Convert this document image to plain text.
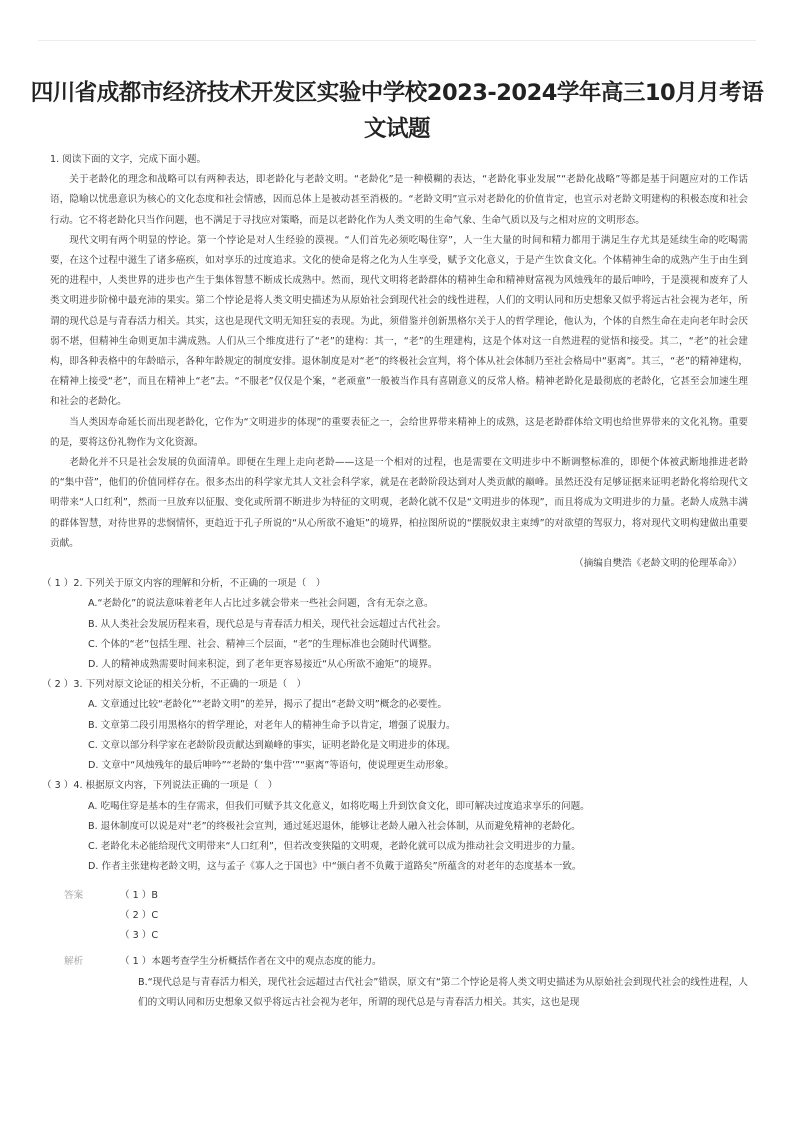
四川省成都市经济技术开发区实验中学校2023-2024学年高三10月月考语文试题

1. 阅读下面的文字，完成下面小题。

关于老龄化的理念和战略可以有两种表达，即老龄化与老龄文明。“老龄化”是一种模糊的表达，“老龄化事业发展”“老龄化战略”等都是基于问题应对的工作话语，隐喻以忧患意识为核心的文化态度和社会情感，因而总体上是被动甚至消极的。“老龄文明”宣示对老龄化的价值肯定，也宣示对老龄文明建构的积极态度和社会行动。它不将老龄化只当作问题，也不满足于寻找应对策略，而是以老龄化作为人类文明的生命气象、生命气质以及与之相对应的文明形态。

现代文明有两个明显的悖论。第一个悖论是对人生经验的漠视。“人们首先必须吃喝住穿”，人一生大量的时间和精力都用于满足生存尤其是延续生命的吃喝需要，在这个过程中滋生了诸多癌疾，如对享乐的过度追求。文化的使命是将之化为人生享受，赋予文化意义，于是产生饮食文化。个体精神生命的成熟产生于由生到死的进程中，人类世界的进步也产生于集体智慧不断成长成熟中。然而，现代文明将老龄群体的精神生命和精神财富视为风烛残年的最后呻吟，于是漠视和废弃了人类文明进步阶梯中最充沛的果实。第二个悖论是将人类文明史描述为从原始社会到现代社会的线性进程，人们的文明认同和历史想象又似乎将远古社会视为老年，所谓的现代总是与青春活力相关。其实，这也是现代文明无知狂妄的表现。为此，须借鉴并创新黑格尔关于人的哲学理论，他认为，个体的自然生命在走向老年时会厌弱不堪，但精神生命则更加丰满成熟。人们从三个维度进行了“老”的建构：其一，“老”的生理建构，这是个体对这一自然进程的觉悟和接受。其二，“老”的社会建构，即各种表格中的年龄暗示，各种年龄规定的制度安排。退休制度是对“老”的终极社会宣判，将个体从社会体制乃至社会格局中“驱离”。其三，“老”的精神建构，在精神上接受“老”，而且在精神上“老”去。“不服老”仅仅是个案，“老顽童”一般被当作具有喜剧意义的反常人格。精神老龄化是最彻底的老龄化，它甚至会加速生理和社会的老龄化。

当人类因寿命延长而出现老龄化，它作为“文明进步的体现”的重要表征之一，会给世界带来精神上的成熟，这是老龄群体给文明也给世界带来的文化礼物。重要的是，要将这份礼物作为文化资源。

老龄化并不只是社会发展的负面清单。即便在生理上走向老龄——这是一个相对的过程，也是需要在文明进步中不断调整标准的，即便个体被武断地推进老龄的“集中营”，他们的价值同样存在。很多杰出的科学家尤其人文社会科学家，就是在老龄阶段达到对人类贡献的巅峰。虽然还没有足够证据来证明老龄化将给现代文明带来“人口红利”，然而一旦放弃以征服、变化或所谓不断进步为特征的文明观，老龄化就不仅是“文明进步的体现”，而且将成为文明进步的力量。老龄人成熟丰满的群体智慧，对待世界的悲悯情怀，更趋近于孔子所说的“从心所欲不逾矩”的境界，柏拉图所说的“摆脱奴隶主束缚”的对欲望的驾驭力，将对现代文明构建做出重要贡献。

（摘编自樊浩《老龄文明的伦理革命》）

（ 1 ）2. 下列关于原文内容的理解和分析，不正确的一项是（　）

A.“老龄化”的说法意味着老年人占比过多就会带来一些社会问题，含有无奈之意。

B. 从人类社会发展历程来看，现代总是与青春活力相关，现代社会远超过古代社会。

C. 个体的“老”包括生理、社会、精神三个层面，“老”的生理标准也会随时代调整。

D. 人的精神成熟需要时间来积淀，到了老年更容易接近“从心所欲不逾矩”的境界。

（ 2 ）3. 下列对原文论证的相关分析，不正确的一项是（　）

A. 文章通过比较“老龄化”“老龄文明”的差异，揭示了提出“老龄文明”概念的必要性。

B. 文章第二段引用黑格尔的哲学理论，对老年人的精神生命予以肯定，增强了说服力。

C. 文章以部分科学家在老龄阶段贡献达到巅峰的事实，证明老龄化是文明进步的体现。

D. 文章中“风烛残年的最后呻吟”“老龄的‘集中营’”“驱离”等语句，使说理更生动形象。

（ 3 ）4. 根据原文内容，下列说法正确的一项是（　）

A. 吃喝住穿是基本的生存需求，但我们可赋予其文化意义，如将吃喝上升到饮食文化，即可解决过度追求享乐的问题。

B. 退休制度可以说是对“老”的终极社会宣判，通过延迟退休，能够让老龄人融入社会体制，从而避免精神的老龄化。

C. 老龄化未必能给现代文明带来“人口红利”，但若改变狭隘的文明观，老龄化就可以成为推动社会文明进步的力量。

D. 作者主张建构老龄文明，这与孟子《寡人之于国也》中“颁白者不负戴于道路矣”所蕴含的对老年的态度基本一致。

答案	（ 1 ）B
（ 2 ）C
（ 3 ）C
解析	（ 1 ）本题考查学生分析概括作者在文中的观点态度的能力。

B.“现代总是与青春活力相关，现代社会远超过古代社会”错误，原文有“第二个悖论是将人类文明史描述为从原始社会到现代社会的线性进程，人们的文明认同和历史想象又似乎将远古社会视为老年，所谓的现代总是与青春活力相关。其实，这也是现
